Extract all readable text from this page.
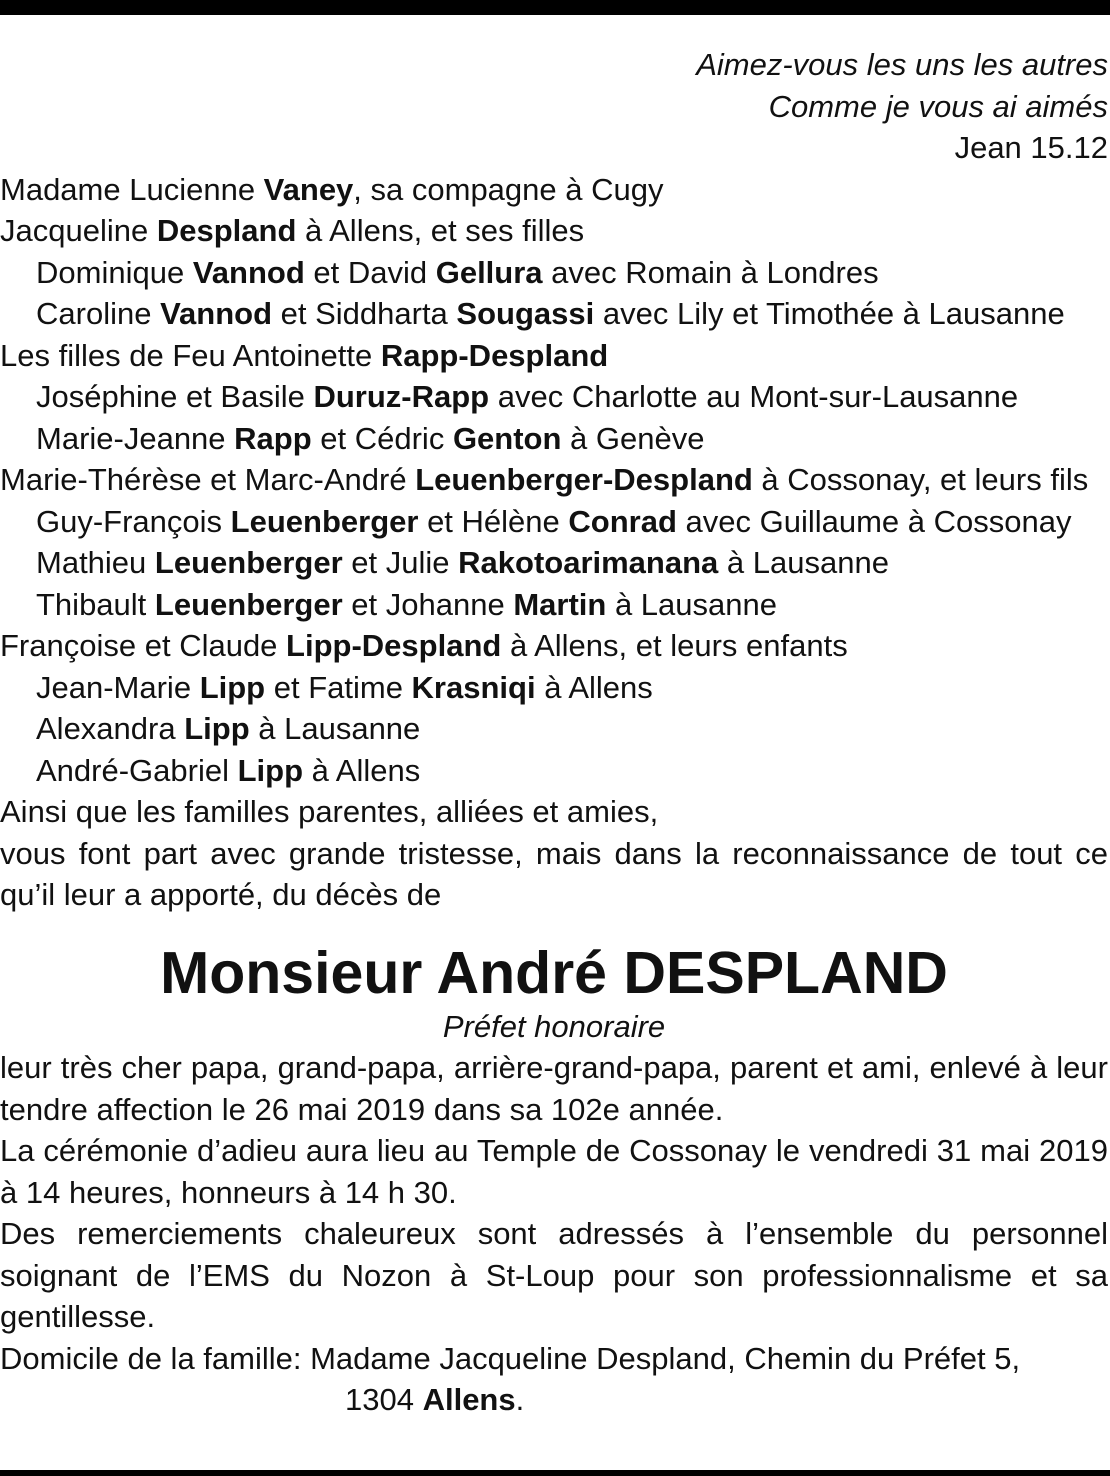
Aimez-vous les uns les autres
Comme je vous ai aimés
Jean 15.12
Madame Lucienne Vaney, sa compagne à Cugy
Jacqueline Despland à Allens, et ses filles
Dominique Vannod et David Gellura avec Romain à Londres
Caroline Vannod et Siddharta Sougassi avec Lily et Timothée à Lausanne
Les filles de Feu Antoinette Rapp-Despland
Joséphine et Basile Duruz-Rapp avec Charlotte au Mont-sur-Lausanne
Marie-Jeanne Rapp et Cédric Genton à Genève
Marie-Thérèse et Marc-André Leuenberger-Despland à Cossonay, et leurs fils
Guy-François Leuenberger et Hélène Conrad avec Guillaume à Cossonay
Mathieu Leuenberger et Julie Rakotoarimanana à Lausanne
Thibault Leuenberger et Johanne Martin à Lausanne
Françoise et Claude Lipp-Despland à Allens, et leurs enfants
Jean-Marie Lipp et Fatime Krasniqi à Allens
Alexandra Lipp à Lausanne
André-Gabriel Lipp à Allens
Ainsi que les familles parentes, alliées et amies,
vous font part avec grande tristesse, mais dans la reconnaissance de tout ce qu’il leur a apporté, du décès de
Monsieur André DESPLAND
Préfet honoraire
leur très cher papa, grand-papa, arrière-grand-papa, parent et ami, enlevé à leur tendre affection le 26 mai 2019 dans sa 102e année.
La cérémonie d’adieu aura lieu au Temple de Cossonay le vendredi 31 mai 2019 à 14 heures, honneurs à 14 h 30.
Des remerciements chaleureux sont adressés à l’ensemble du personnel soignant de l’EMS du Nozon à St-Loup pour son professionnalisme et sa gentillesse.
Domicile de la famille: Madame Jacqueline Despland, Chemin du Préfet 5,
1304 Allens.
